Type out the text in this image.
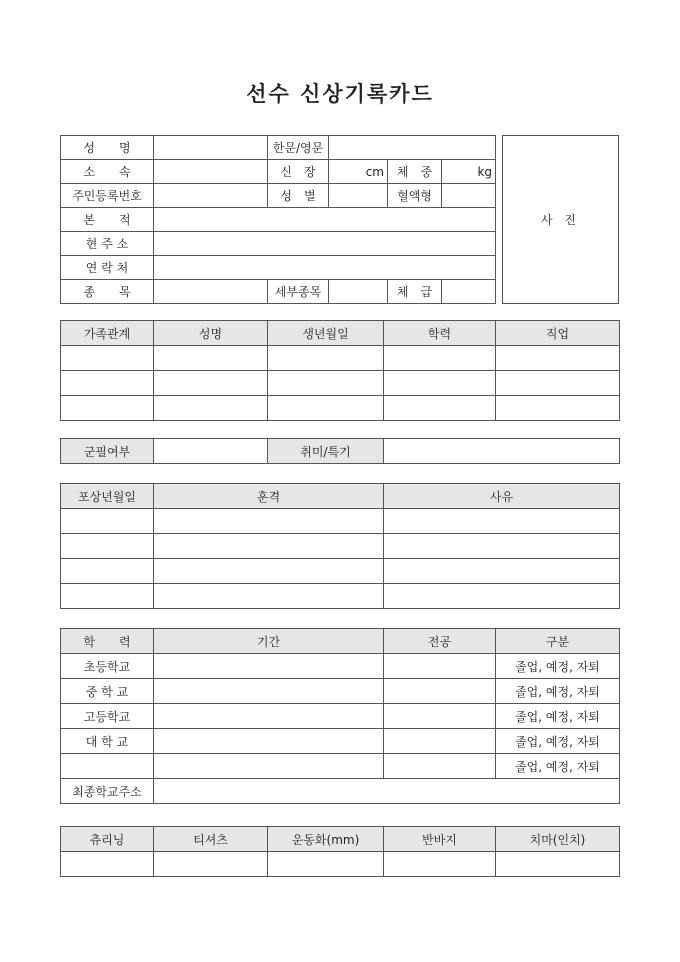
선수 신상기록카드
성　　명		한문/영문			
소　　속		신　장	cm	체　중	kg
주민등록번호		성　별		혈액형	
본　　적					
현 주 소					
연 락 처					
종　　목		세부종목		체　급	
사 진
가족관계	성명	생년월일	학력	직업

군필여부		취미/특기	
포상년월일	훈격	사유

학　　력	기간	전공	구분
초등학교			졸업, 예정, 자퇴
중 학 교			졸업, 예정, 자퇴
고등학교			졸업, 예정, 자퇴
대 학 교			졸업, 예정, 자퇴
			졸업, 예정, 자퇴
최종학교주소			
츄리닝	티셔츠	운동화(mm)	반바지	치마(인치)
